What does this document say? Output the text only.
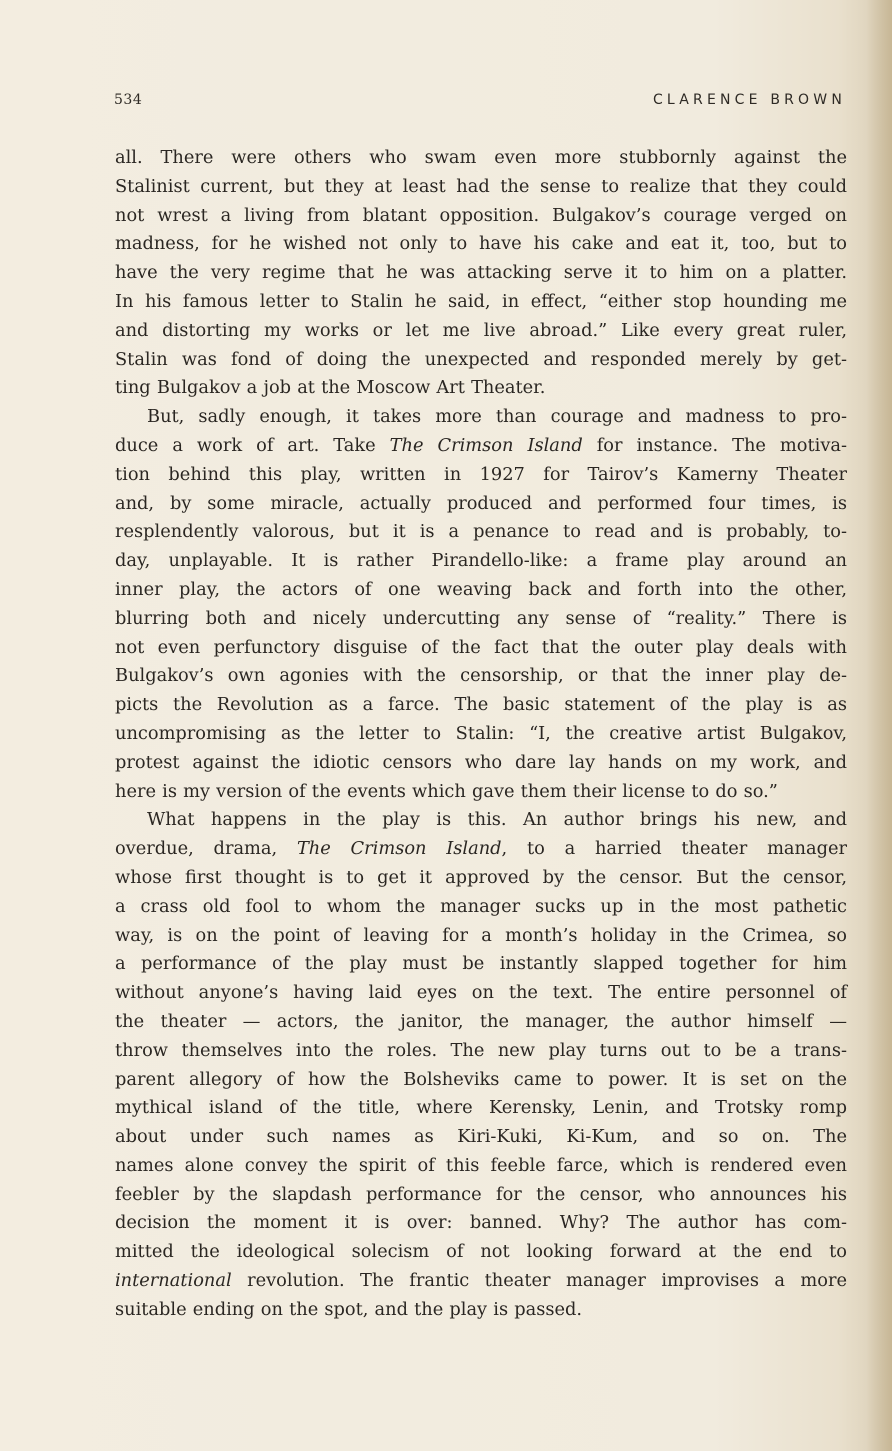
534	CLARENCE BROWN

all. There were others who swam even more stubbornly against the
Stalinist current, but they at least had the sense to realize that they could
not wrest a living from blatant opposition. Bulgakov’s courage verged on
madness, for he wished not only to have his cake and eat it, too, but to
have the very regime that he was attacking serve it to him on a platter.
In his famous letter to Stalin he said, in effect, “either stop hounding me
and distorting my works or let me live abroad.” Like every great ruler,
Stalin was fond of doing the unexpected and responded merely by get-
ting Bulgakov a job at the Moscow Art Theater.

But, sadly enough, it takes more than courage and madness to pro-
duce a work of art. Take The Crimson Island for instance. The motiva-
tion behind this play, written in 1927 for Tairov’s Kamerny Theater
and, by some miracle, actually produced and performed four times, is
resplendently valorous, but it is a penance to read and is probably, to-
day, unplayable. It is rather Pirandello-like: a frame play around an
inner play, the actors of one weaving back and forth into the other,
blurring both and nicely undercutting any sense of “reality.” There is
not even perfunctory disguise of the fact that the outer play deals with
Bulgakov’s own agonies with the censorship, or that the inner play de-
picts the Revolution as a farce. The basic statement of the play is as
uncompromising as the letter to Stalin: “I, the creative artist Bulgakov,
protest against the idiotic censors who dare lay hands on my work, and
here is my version of the events which gave them their license to do so.”

What happens in the play is this. An author brings his new, and
overdue, drama, The Crimson Island, to a harried theater manager
whose first thought is to get it approved by the censor. But the censor,
a crass old fool to whom the manager sucks up in the most pathetic
way, is on the point of leaving for a month’s holiday in the Crimea, so
a performance of the play must be instantly slapped together for him
without anyone’s having laid eyes on the text. The entire personnel of
the theater — actors, the janitor, the manager, the author himself —
throw themselves into the roles. The new play turns out to be a trans-
parent allegory of how the Bolsheviks came to power. It is set on the
mythical island of the title, where Kerensky, Lenin, and Trotsky romp
about under such names as Kiri-Kuki, Ki-Kum, and so on. The
names alone convey the spirit of this feeble farce, which is rendered even
feebler by the slapdash performance for the censor, who announces his
decision the moment it is over: banned. Why? The author has com-
mitted the ideological solecism of not looking forward at the end to
international revolution. The frantic theater manager improvises a more
suitable ending on the spot, and the play is passed.
